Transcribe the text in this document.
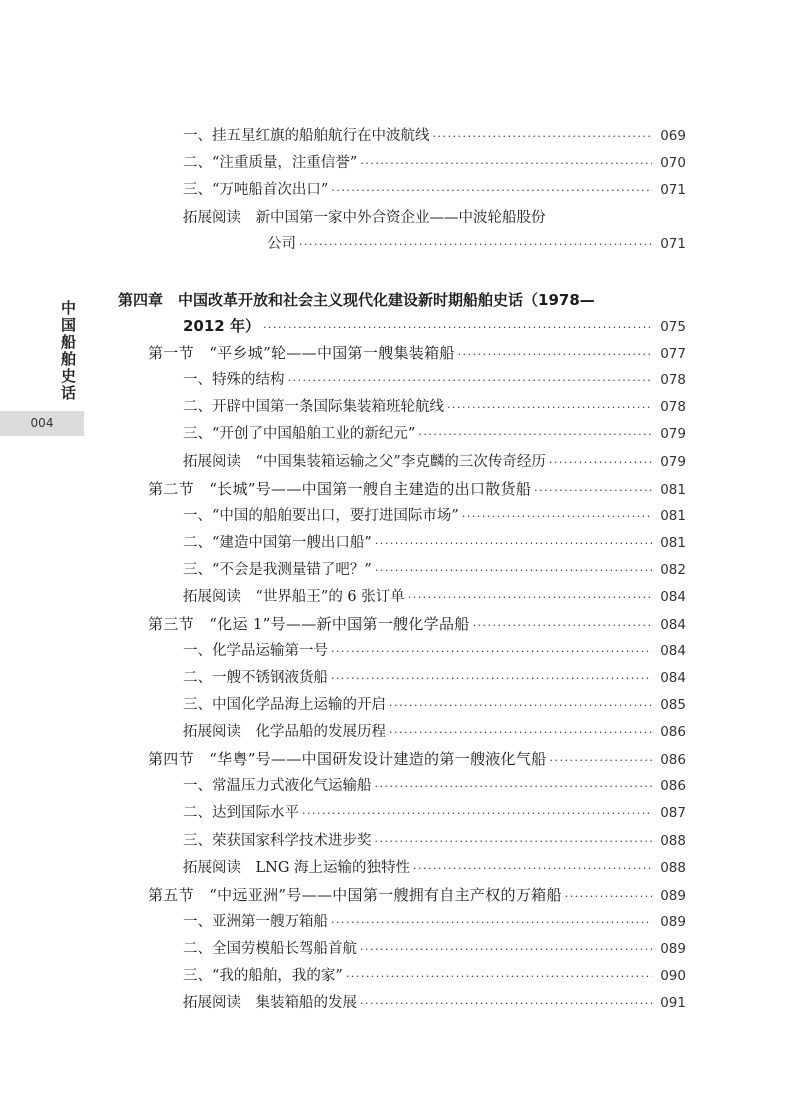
中国船舶史话
004
一、挂五星红旗的船舶航行在中波航线 ·····	069
二、“注重质量，注重信誉” ·····	070
三、“万吨船首次出口” ·····	071
拓展阅读　新中国第一家中外合资企业——中波轮船股份
公司 ·····	071
第四章　中国改革开放和社会主义现代化建设新时期船舶史话（1978—
2012 年） ·····	075
第一节　“平乡城”轮——中国第一艘集装箱船 ·····	077
一、特殊的结构 ·····	078
二、开辟中国第一条国际集装箱班轮航线 ·····	078
三、“开创了中国船舶工业的新纪元” ·····	079
拓展阅读　“中国集装箱运输之父”李克麟的三次传奇经历 ·····	079
第二节　“长城”号——中国第一艘自主建造的出口散货船 ·····	081
一、“中国的船舶要出口，要打进国际市场” ·····	081
二、“建造中国第一艘出口船” ·····	081
三、“不会是我测量错了吧？” ·····	082
拓展阅读　“世界船王”的 6 张订单 ·····	084
第三节　“化运 1”号——新中国第一艘化学品船 ·····	084
一、化学品运输第一号 ·····	084
二、一艘不锈钢液货船 ·····	084
三、中国化学品海上运输的开启 ·····	085
拓展阅读　化学品船的发展历程 ·····	086
第四节　“华粤”号——中国研发设计建造的第一艘液化气船 ·····	086
一、常温压力式液化气运输船 ·····	086
二、达到国际水平 ·····	087
三、荣获国家科学技术进步奖 ·····	088
拓展阅读　LNG 海上运输的独特性 ·····	088
第五节　“中远亚洲”号——中国第一艘拥有自主产权的万箱船 ·····	089
一、亚洲第一艘万箱船 ·····	089
二、全国劳模船长驾船首航 ·····	089
三、“我的船舶，我的家” ·····	090
拓展阅读　集装箱船的发展 ·····	091
